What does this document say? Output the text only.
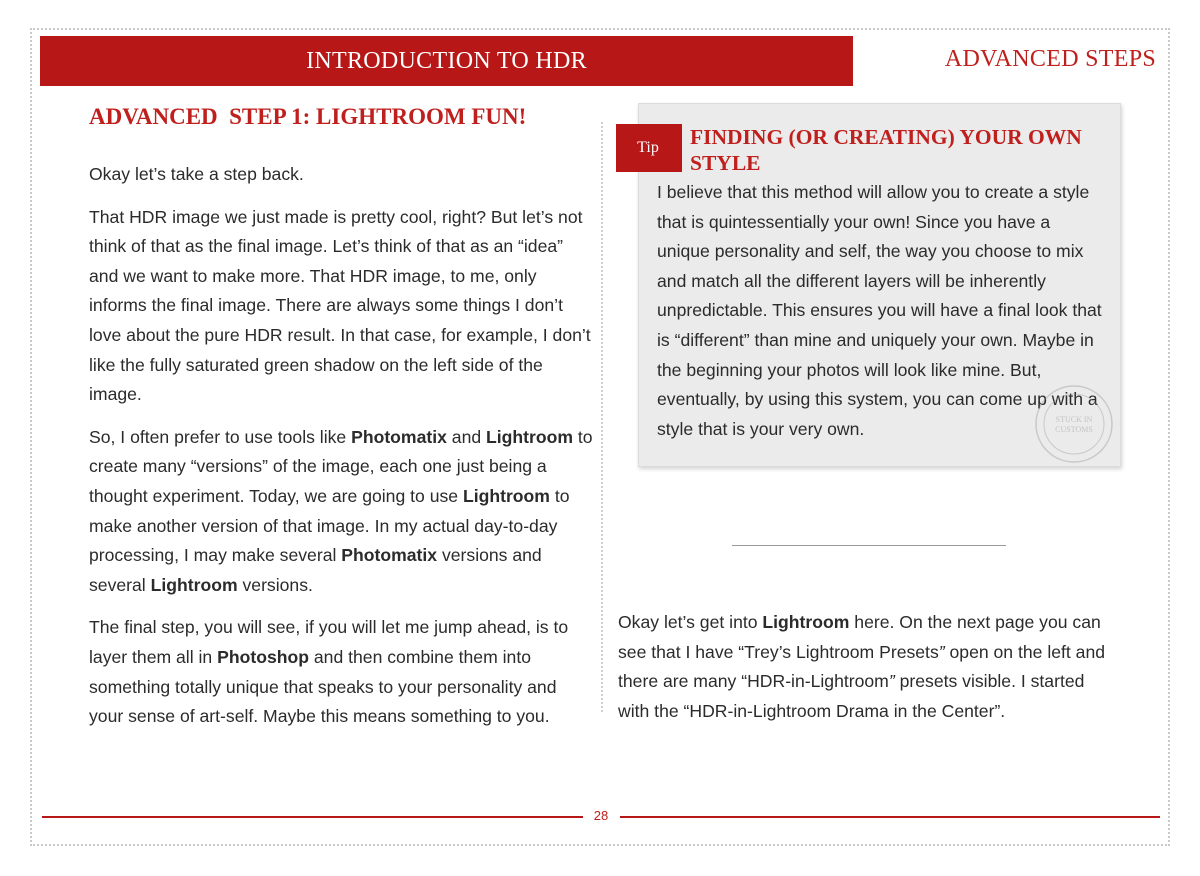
INTRODUCTION TO HDR	ADVANCED STEPS
ADVANCED  STEP 1: LIGHTROOM FUN!

Okay let’s take a step back.

That HDR image we just made is pretty cool, right? But let’s not think of that as the final image. Let’s think of that as an “idea” and we want to make more. That HDR image, to me, only informs the final image. There are always some things I don’t love about the pure HDR result. In that case, for example, I don’t like the fully saturated green shadow on the left side of the image.

So, I often prefer to use tools like Photomatix and Lightroom to create many “versions” of the image, each one just being a thought experiment. Today, we are going to use Lightroom to make another version of that image. In my actual day-to-day processing, I may make several Photomatix versions and several Lightroom versions.

The final step, you will see, if you will let me jump ahead, is to layer them all in Photoshop and then combine them into something totally unique that speaks to your personality and your sense of art-self. Maybe this means something to you.

Tip	FINDING (OR CREATING) YOUR OWN STYLE

I believe that this method will allow you to create a style that is quintessentially your own! Since you have a unique personality and self, the way you choose to mix and match all the different layers will be inherently unpredictable. This ensures you will have a final look that is “different” than mine and uniquely your own. Maybe in the beginning your photos will look like mine. But, eventually, by using this system, you can come up with a style that is your very own.	STUCK IN
CUSTOMS

Okay let’s get into Lightroom here. On the next page you can see that I have “Trey’s Lightroom Presets” open on the left and there are many “HDR-in-Lightroom” presets visible. I started with the “HDR-in-Lightroom Drama in the Center”.

28
